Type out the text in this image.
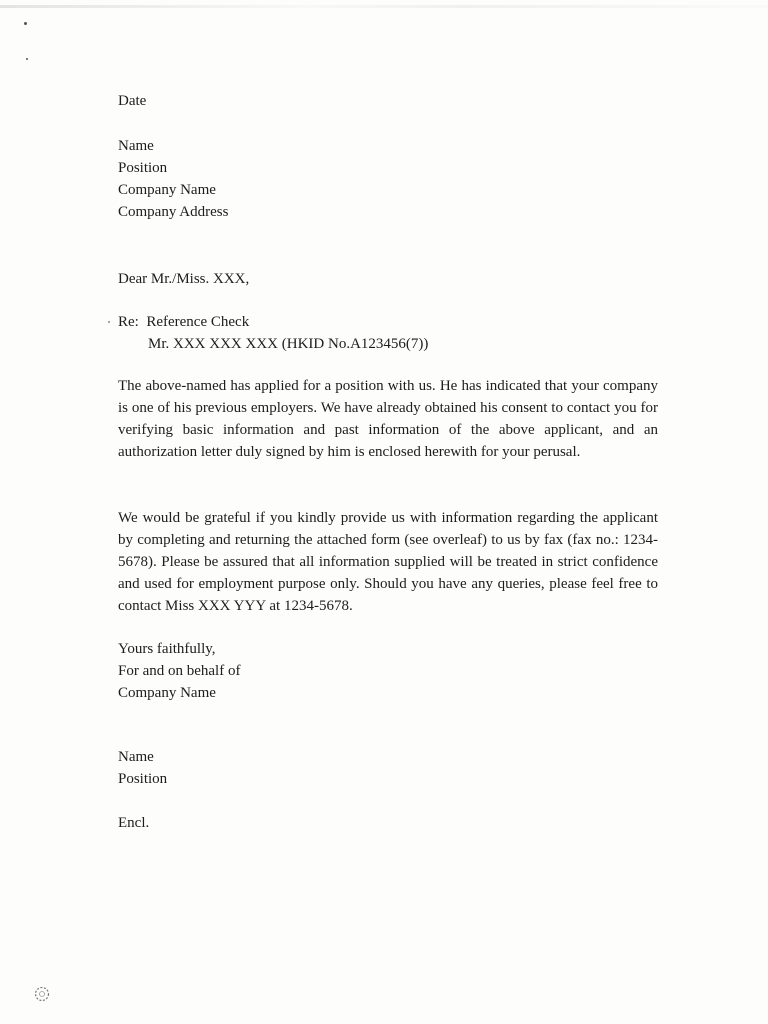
Date
Name
Position
Company Name
Company Address
Dear Mr./Miss. XXX,
Re: Reference Check
Mr. XXX XXX XXX (HKID No.A123456(7))
The above-named has applied for a position with us. He has indicated that your company is one of his previous employers. We have already obtained his consent to contact you for verifying basic information and past information of the above applicant, and an authorization letter duly signed by him is enclosed herewith for your perusal.
We would be grateful if you kindly provide us with information regarding the applicant by completing and returning the attached form (see overleaf) to us by fax (fax no.: 1234-5678). Please be assured that all information supplied will be treated in strict confidence and used for employment purpose only. Should you have any queries, please feel free to contact Miss XXX YYY at 1234-5678.
Yours faithfully,
For and on behalf of
Company Name
Name
Position
Encl.
